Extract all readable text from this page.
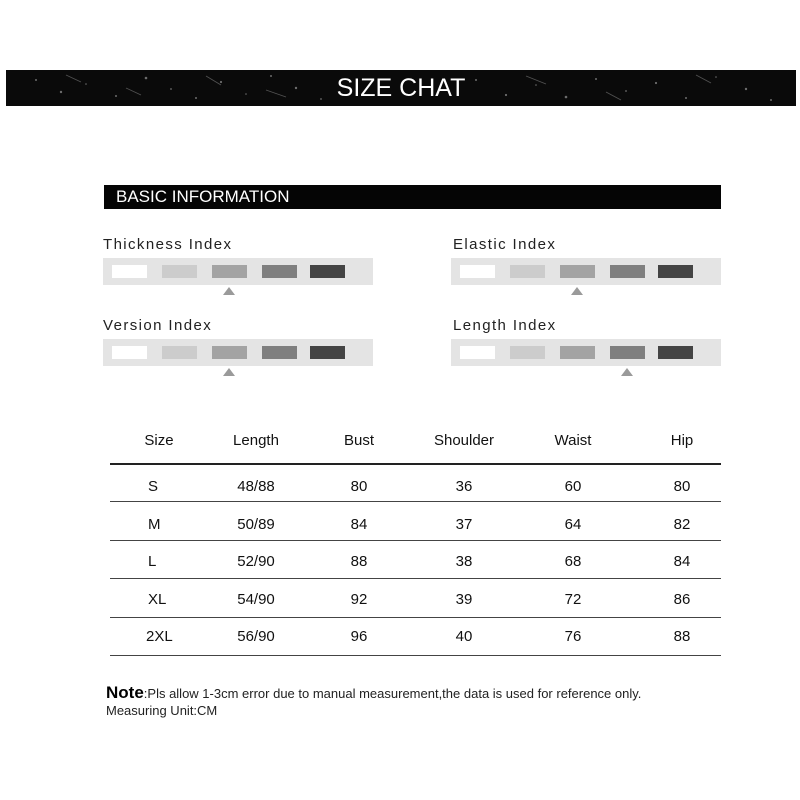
SIZE CHAT
BASIC INFORMATION
Thickness Index	Elastic Index
Version Index	Length Index
Size	Length	Bust	Shoulder	Waist	Hip
S	48/88	80	36	60	80
M	50/89	84	37	64	82
L	52/90	88	38	68	84
XL	54/90	92	39	72	86
2XL	56/90	96	40	76	88
Note:Pls allow 1-3cm error due to manual measurement,the data is used for reference only.
Measuring Unit:CM
